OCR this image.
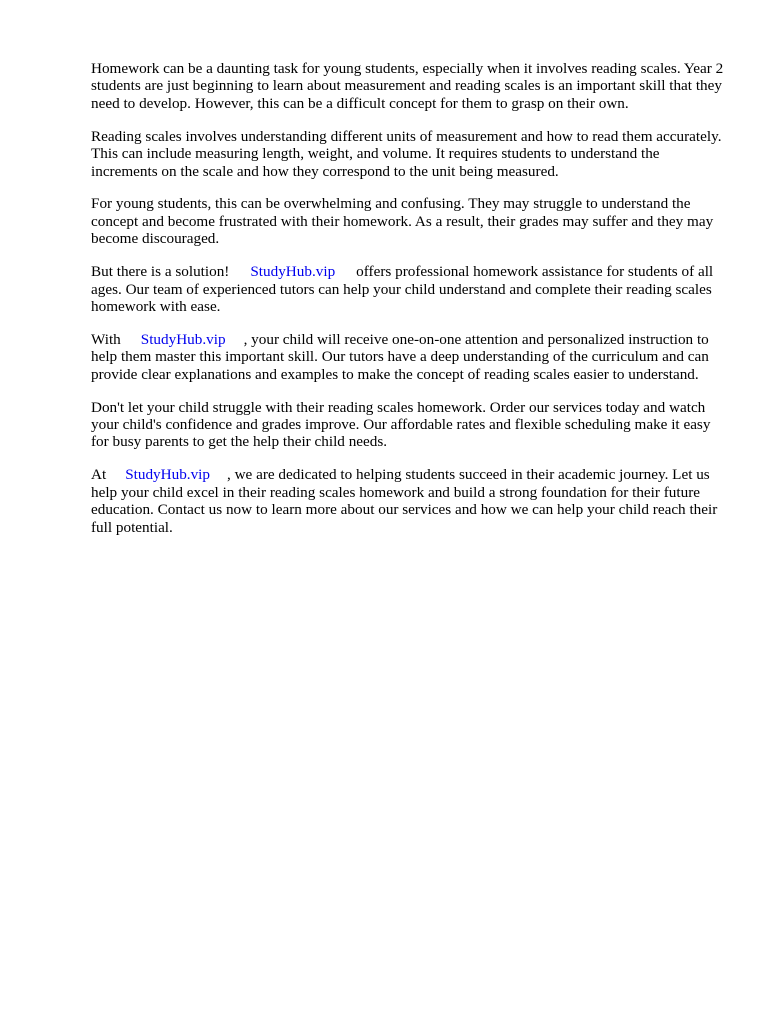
Homework can be a daunting task for young students, especially when it involves reading scales. Year 2 students are just beginning to learn about measurement and reading scales is an important skill that they need to develop. However, this can be a difficult concept for them to grasp on their own.

Reading scales involves understanding different units of measurement and how to read them accurately. This can include measuring length, weight, and volume. It requires students to understand the increments on the scale and how they correspond to the unit being measured.

For young students, this can be overwhelming and confusing. They may struggle to understand the concept and become frustrated with their homework. As a result, their grades may suffer and they may become discouraged.

But there is a solution! StudyHub.vip offers professional homework assistance for students of all ages. Our team of experienced tutors can help your child understand and complete their reading scales homework with ease.

With StudyHub.vip , your child will receive one-on-one attention and personalized instruction to help them master this important skill. Our tutors have a deep understanding of the curriculum and can provide clear explanations and examples to make the concept of reading scales easier to understand.

Don't let your child struggle with their reading scales homework. Order our services today and watch your child's confidence and grades improve. Our affordable rates and flexible scheduling make it easy for busy parents to get the help their child needs.

At StudyHub.vip , we are dedicated to helping students succeed in their academic journey. Let us help your child excel in their reading scales homework and build a strong foundation for their future education. Contact us now to learn more about our services and how we can help your child reach their full potential.
